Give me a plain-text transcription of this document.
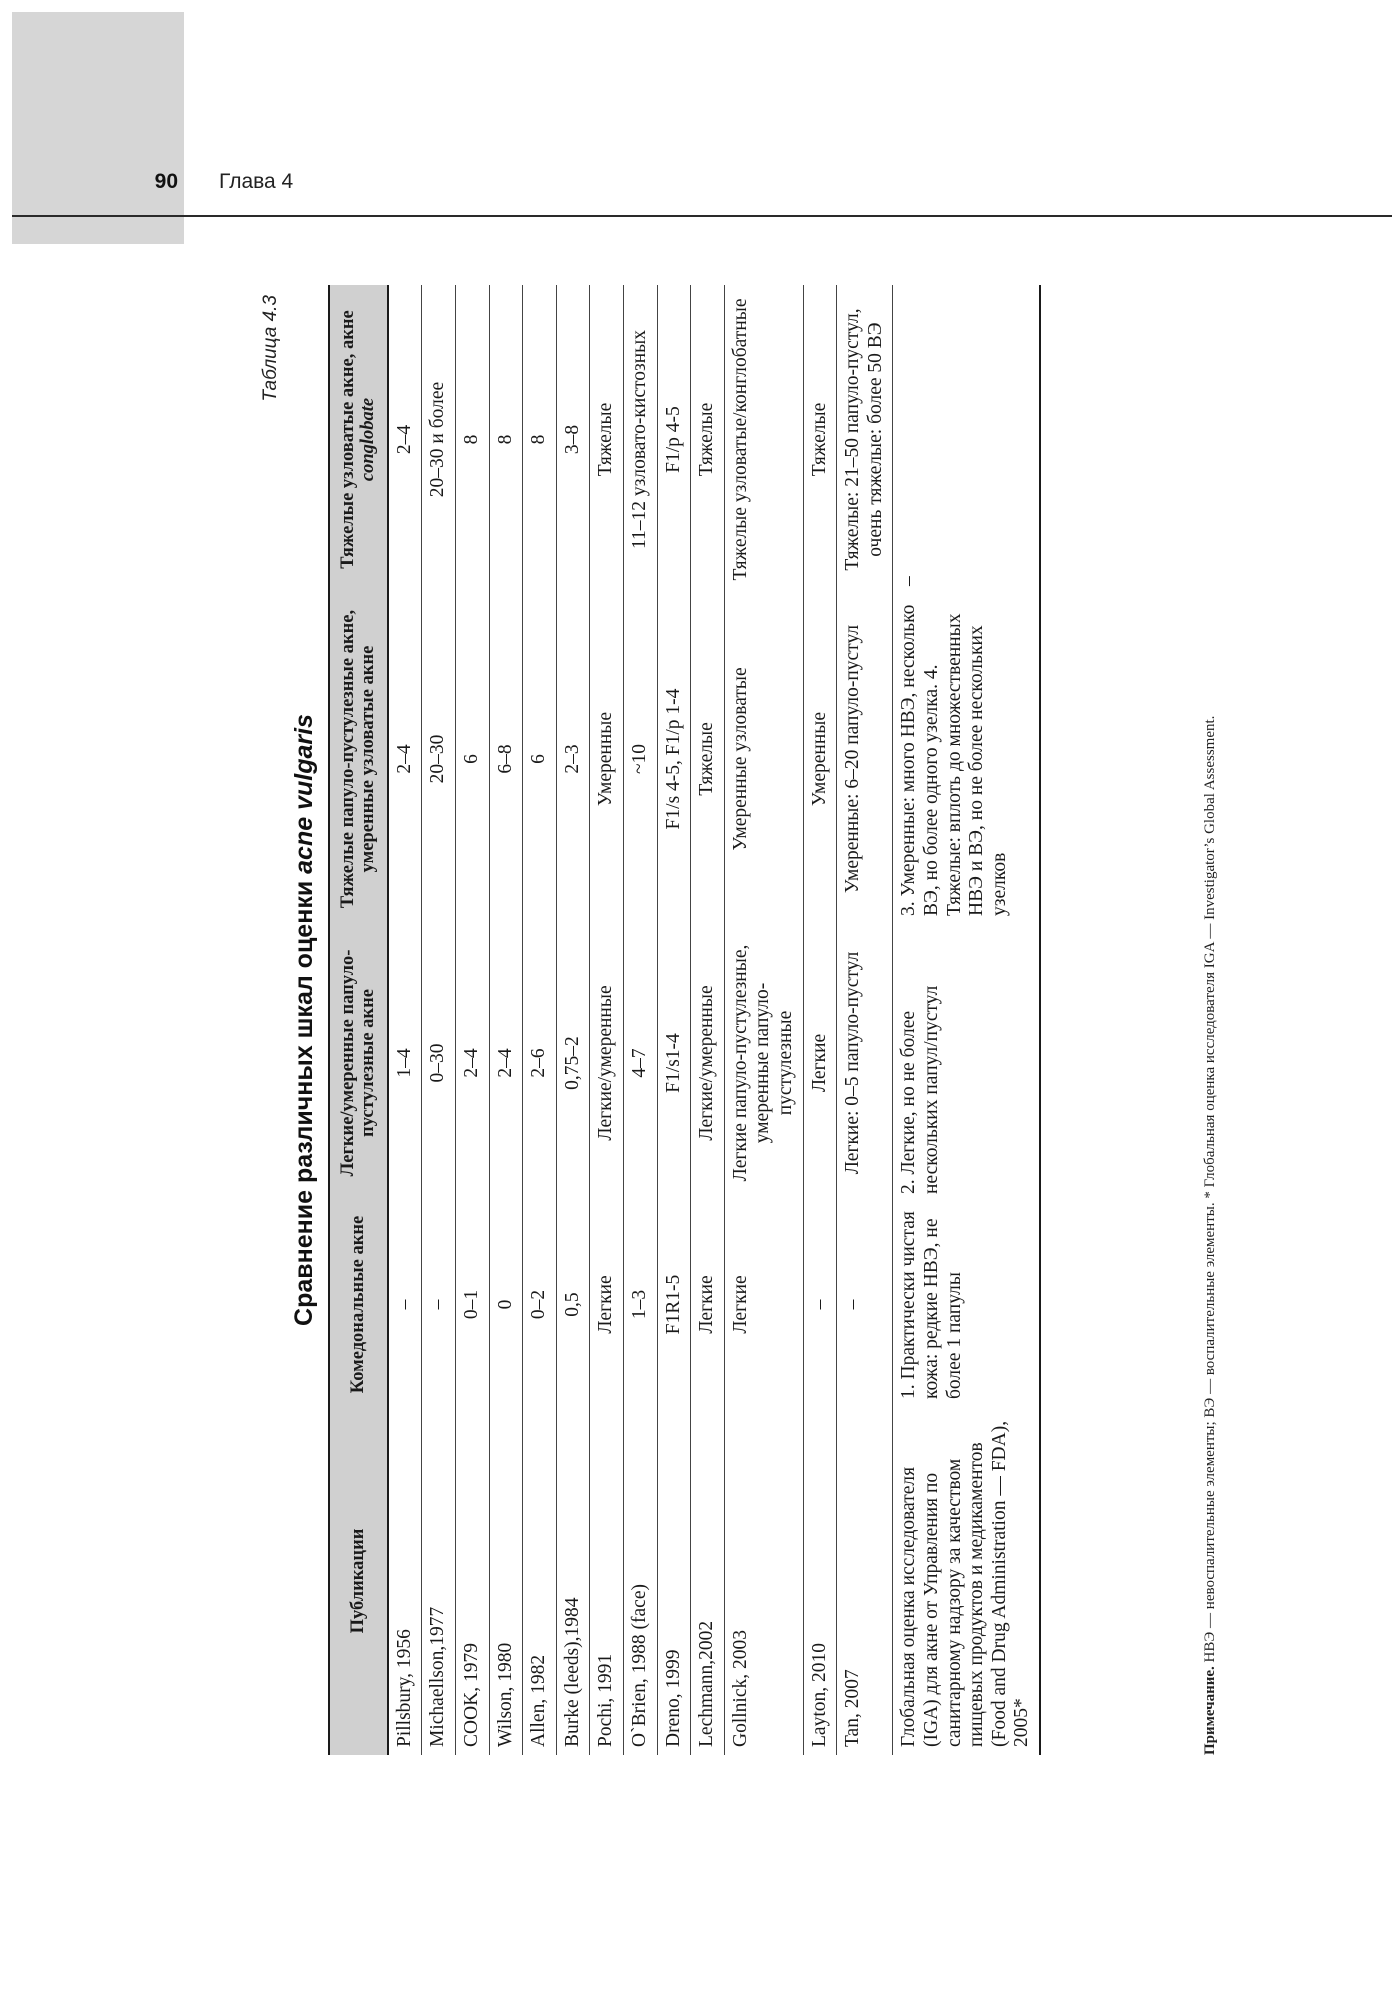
90 Глава 4
Таблица 4.3
Сравнение различных шкал оценки acne vulgaris
Публикации	Комедональные акне	Легкие/умеренные папуло-пустулезные акне	Тяжелые папуло-пустулезные акне, умеренные узловатые акне	Тяжелые узловатые акне, акне conglobate
Pillsbury, 1956	–	1–4	2–4	2–4
Michaellson,1977	–	0–30	20–30	20–30 и более
COOK, 1979	0–1	2–4	6	8
Wilson, 1980	0	2–4	6–8	8
Allen, 1982	0–2	2–6	6	8
Burke (leeds),1984	0,5	0,75–2	2–3	3–8
Pochi, 1991	Легкие	Легкие/умеренные	Умеренные	Тяжелые
O`Brien, 1988 (face)	1–3	4–7	~10	11–12 узловато-кистозных
Dreno, 1999	F1R1-5	F1/s1-4	F1/s 4-5, F1/p 1-4	F1/p 4-5
Lechmann,2002	Легкие	Легкие/умеренные	Тяжелые	Тяжелые
Gollnick, 2003	Легкие	Легкие папуло-пустулезные, умеренные папуло-пустулезные	Умеренные узловатые	Тяжелые узловатые/конглобатные
Layton, 2010	–	Легкие	Умеренные	Тяжелые
Tan, 2007	–	Легкие: 0–5 папуло-пустул	Умеренные: 6–20 папуло-пустул	Тяжелые: 21–50 папуло-пустул, очень тяжелые: более 50 ВЭ
Глобальная оценка исследователя (IGA) для акне от Управления по санитарному надзору за качеством пищевых продуктов и медикаментов (Food and Drug Administration — FDA), 2005*	1. Практически чистая кожа: редкие НВЭ, не более 1 папулы	2. Легкие, но не более нескольких папул/пустул	3. Умеренные: много НВЭ, несколько ВЭ, но более одного узелка. 4. Тяжелые: вплоть до множественных НВЭ и ВЭ, но не более нескольких узелков	–
Примечание. НВЭ — невоспалительные элементы; ВЭ — воспалительные элементы. * Глобальная оценка исследователя IGA — Investigator’s Global Assessment.
